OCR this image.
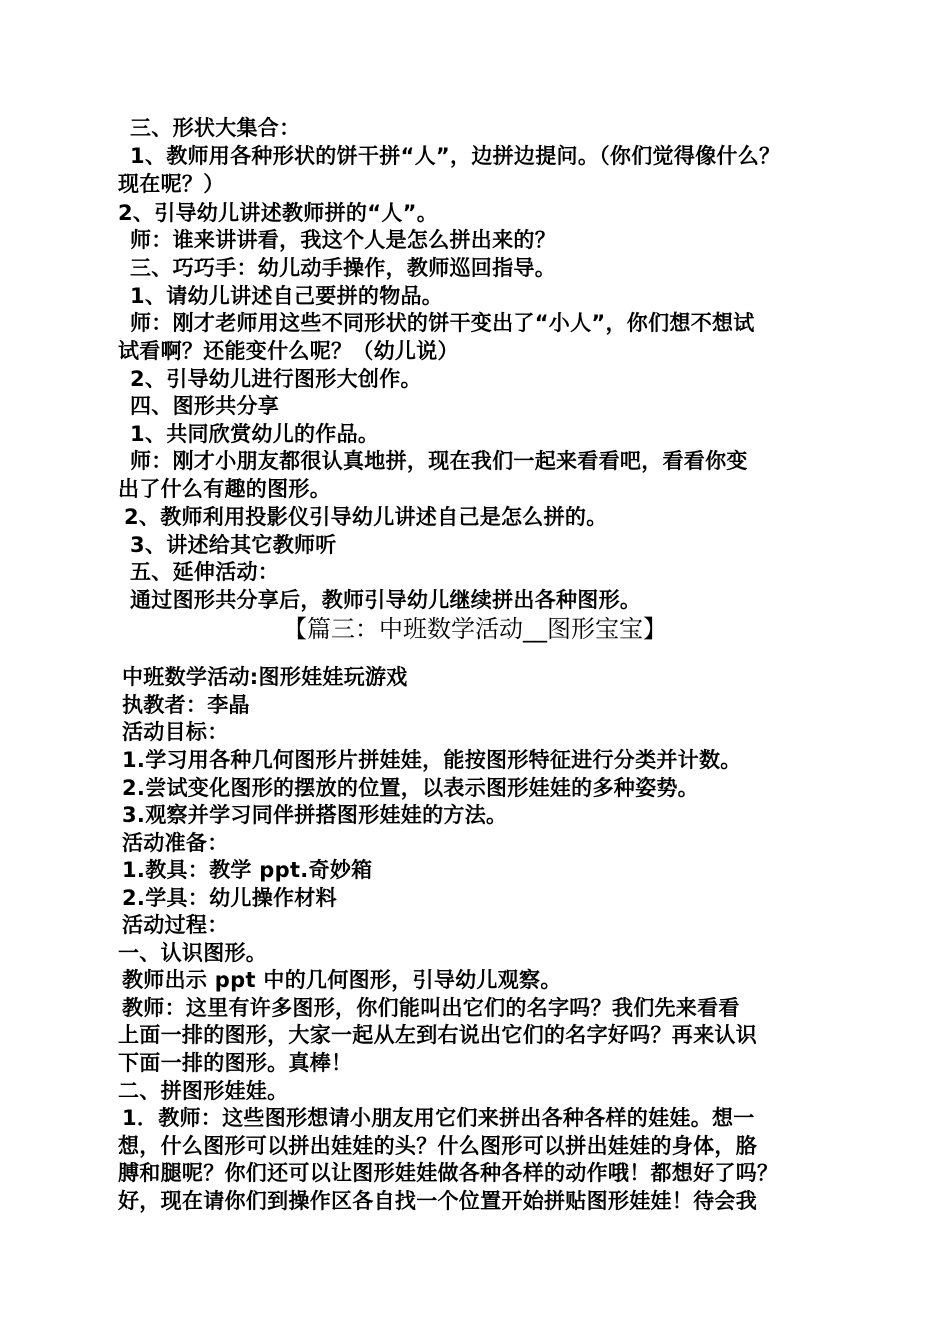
三、形状大集合：
1、教师用各种形状的饼干拼“人”，边拼边提问。（你们觉得像什么？
现在呢？）
2、引导幼儿讲述教师拼的“人”。
师：谁来讲讲看，我这个人是怎么拼出来的？
三、巧巧手：幼儿动手操作，教师巡回指导。
1、请幼儿讲述自己要拼的物品。
师：刚才老师用这些不同形状的饼干变出了“小人”，你们想不想试
试看啊？还能变什么呢？（幼儿说）
2、引导幼儿进行图形大创作。
四、图形共分享
1、共同欣赏幼儿的作品。
师：刚才小朋友都很认真地拼，现在我们一起来看看吧，看看你变
出了什么有趣的图形。
2、教师利用投影仪引导幼儿讲述自己是怎么拼的。
3、讲述给其它教师听
五、延伸活动：
通过图形共分享后，教师引导幼儿继续拼出各种图形。
【篇三：中班数学活动__图形宝宝】
中班数学活动:图形娃娃玩游戏
执教者：李晶
活动目标：
1.学习用各种几何图形片拼娃娃，能按图形特征进行分类并计数。
2.尝试变化图形的摆放的位置，以表示图形娃娃的多种姿势。
3.观察并学习同伴拼搭图形娃娃的方法。
活动准备：
1.教具：教学 ppt.奇妙箱
2.学具：幼儿操作材料
活动过程：
一、认识图形。
教师出示 ppt 中的几何图形，引导幼儿观察。
教师：这里有许多图形，你们能叫出它们的名字吗？我们先来看看
上面一排的图形，大家一起从左到右说出它们的名字好吗？再来认识
下面一排的图形。真棒！
二、拼图形娃娃。
1．教师：这些图形想请小朋友用它们来拼出各种各样的娃娃。想一
想，什么图形可以拼出娃娃的头？什么图形可以拼出娃娃的身体，胳
膊和腿呢？你们还可以让图形娃娃做各种各样的动作哦！都想好了吗？
好，现在请你们到操作区各自找一个位置开始拼贴图形娃娃！待会我
